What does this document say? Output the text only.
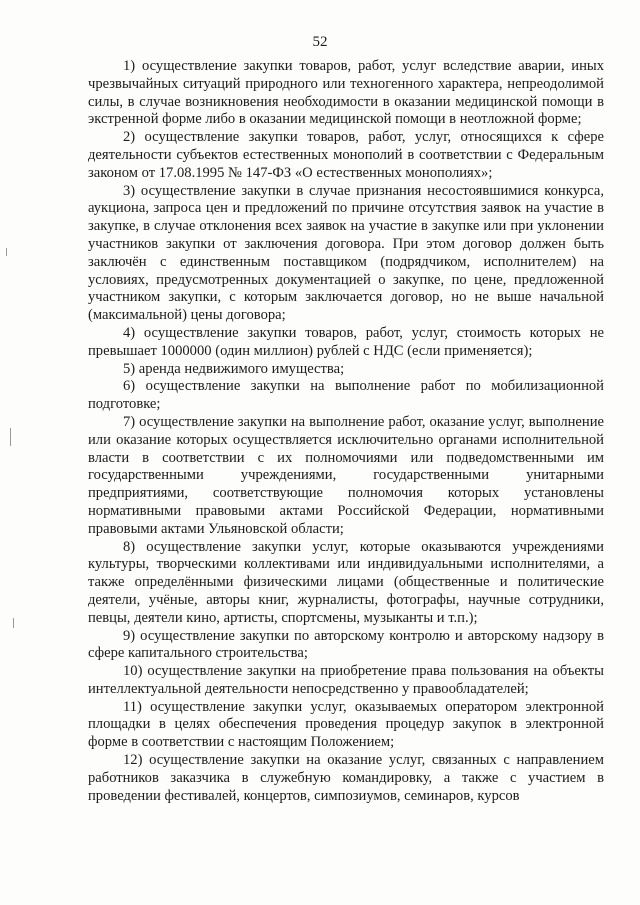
52

1) осуществление закупки товаров, работ, услуг вследствие аварии, иных чрезвычайных ситуаций природного или техногенного характера, непреодолимой силы, в случае возникновения необходимости в оказании медицинской помощи в экстренной форме либо в оказании медицинской помощи в неотложной форме;

2) осуществление закупки товаров, работ, услуг, относящихся к сфере деятельности субъектов естественных монополий в соответствии с Федеральным законом от 17.08.1995 № 147-ФЗ «О естественных монополиях»;

3) осуществление закупки в случае признания несостоявшимися конкурса, аукциона, запроса цен и предложений по причине отсутствия заявок на участие в закупке, в случае отклонения всех заявок на участие в закупке или при уклонении участников закупки от заключения договора. При этом договор должен быть заключён с единственным поставщиком (подрядчиком, исполнителем) на условиях, предусмотренных документацией о закупке, по цене, предложенной участником закупки, с которым заключается договор, но не выше начальной (максимальной) цены договора;

4) осуществление закупки товаров, работ, услуг, стоимость которых не превышает 1000000 (один миллион) рублей с НДС (если применяется);

5) аренда недвижимого имущества;

6) осуществление закупки на выполнение работ по мобилизационной подготовке;

7) осуществление закупки на выполнение работ, оказание услуг, выполнение или оказание которых осуществляется исключительно органами исполнительной власти в соответствии с их полномочиями или подведомственными им государственными учреждениями, государственными унитарными предприятиями, соответствующие полномочия которых установлены нормативными правовыми актами Российской Федерации, нормативными правовыми актами Ульяновской области;

8) осуществление закупки услуг, которые оказываются учреждениями культуры, творческими коллективами или индивидуальными исполнителями, а также определёнными физическими лицами (общественные и политические деятели, учёные, авторы книг, журналисты, фотографы, научные сотрудники, певцы, деятели кино, артисты, спортсмены, музыканты и т.п.);

9) осуществление закупки по авторскому контролю и авторскому надзору в сфере капитального строительства;

10) осуществление закупки на приобретение права пользования на объекты интеллектуальной деятельности непосредственно у правообладателей;

11) осуществление закупки услуг, оказываемых оператором электронной площадки в целях обеспечения проведения процедур закупок в электронной форме в соответствии с настоящим Положением;

12) осуществление закупки на оказание услуг, связанных с направлением работников заказчика в служебную командировку, а также с участием в проведении фестивалей, концертов, симпозиумов, семинаров, курсов
